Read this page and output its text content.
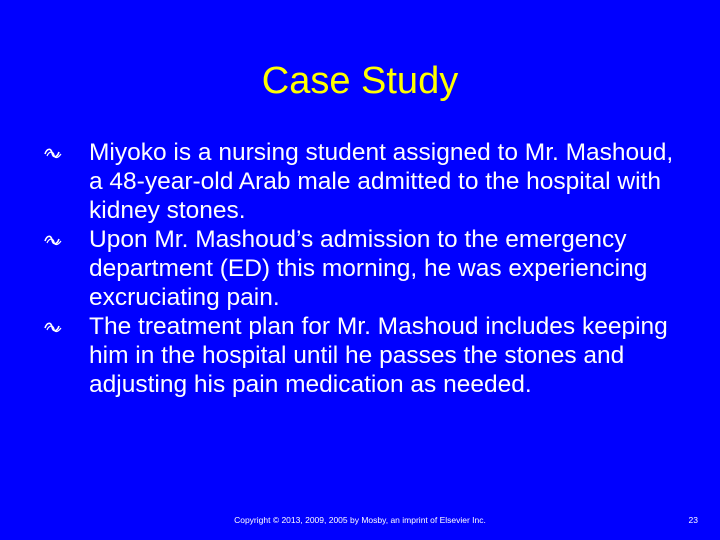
Case Study
Miyoko is a nursing student assigned to Mr. Mashoud, a 48-year-old Arab male admitted to the hospital with kidney stones.
Upon Mr. Mashoud’s admission to the emergency department (ED) this morning, he was experiencing excruciating pain.
The treatment plan for Mr. Mashoud includes keeping him in the hospital until he passes the stones and adjusting his pain medication as needed.
Copyright © 2013, 2009, 2005 by Mosby, an imprint of Elsevier Inc.	23
